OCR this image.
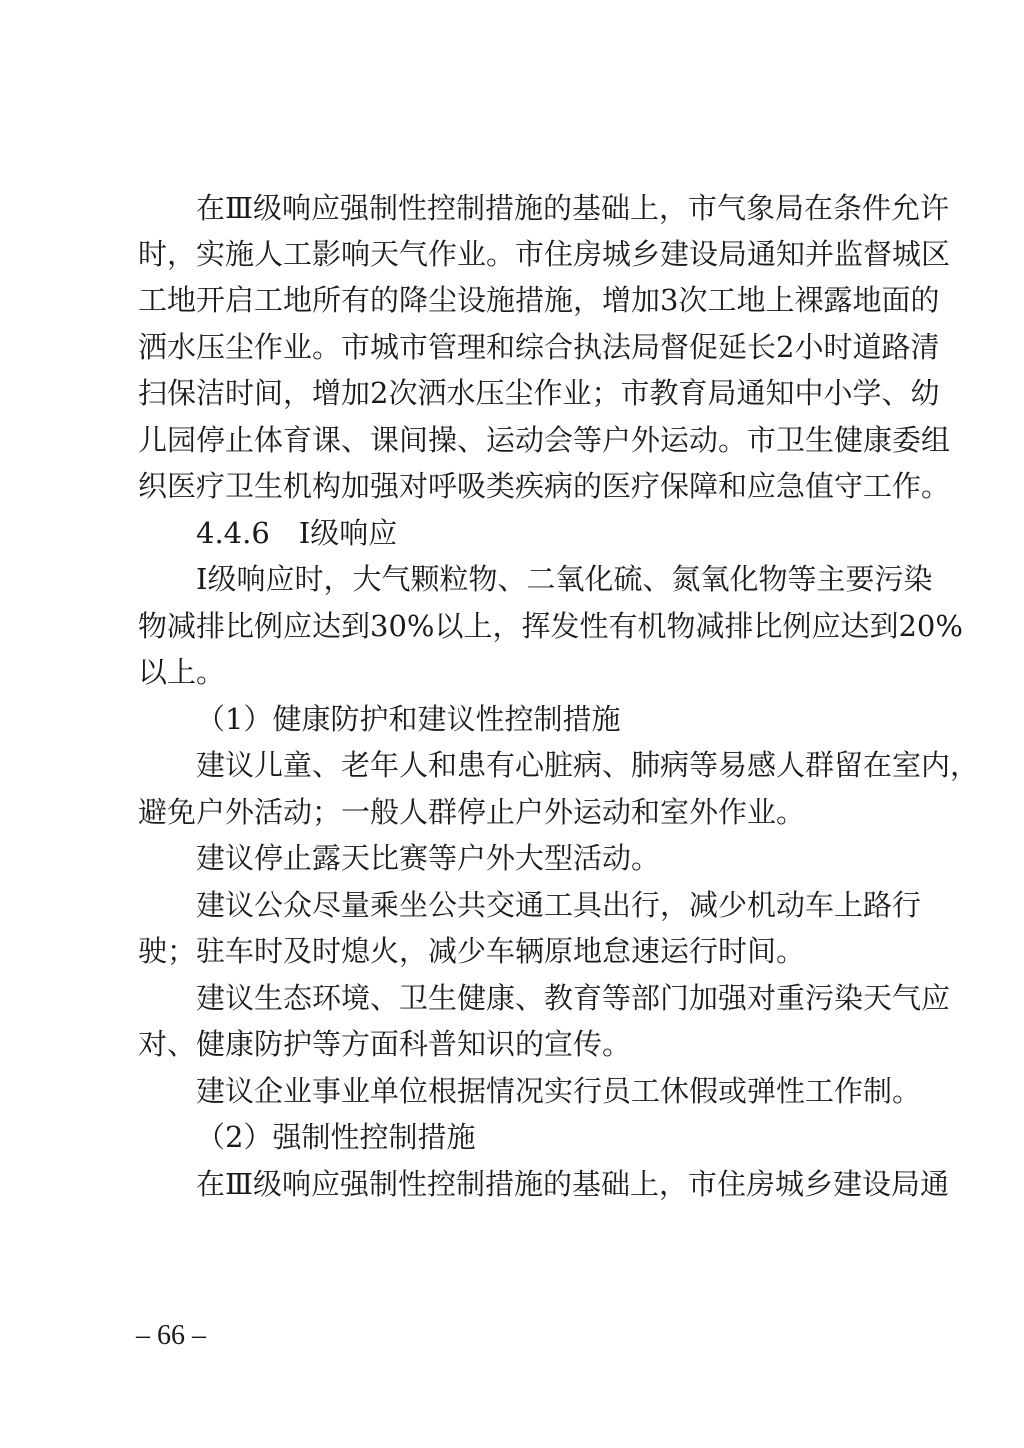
在Ⅲ级响应强制性控制措施的基础上，市气象局在条件允许
时，实施人工影响天气作业。市住房城乡建设局通知并监督城区
工地开启工地所有的降尘设施措施，增加3次工地上裸露地面的
洒水压尘作业。市城市管理和综合执法局督促延长2小时道路清
扫保洁时间，增加2次洒水压尘作业；市教育局通知中小学、幼
儿园停止体育课、课间操、运动会等户外运动。市卫生健康委组
织医疗卫生机构加强对呼吸类疾病的医疗保障和应急值守工作。
4.4.6　Ⅰ级响应
Ⅰ级响应时，大气颗粒物、二氧化硫、氮氧化物等主要污染
物减排比例应达到30%以上，挥发性有机物减排比例应达到20%
以上。
（1）健康防护和建议性控制措施
建议儿童、老年人和患有心脏病、肺病等易感人群留在室内，
避免户外活动；一般人群停止户外运动和室外作业。
建议停止露天比赛等户外大型活动。
建议公众尽量乘坐公共交通工具出行，减少机动车上路行
驶；驻车时及时熄火，减少车辆原地怠速运行时间。
建议生态环境、卫生健康、教育等部门加强对重污染天气应
对、健康防护等方面科普知识的宣传。
建议企业事业单位根据情况实行员工休假或弹性工作制。
（2）强制性控制措施
在Ⅲ级响应强制性控制措施的基础上，市住房城乡建设局通
– 66 –
